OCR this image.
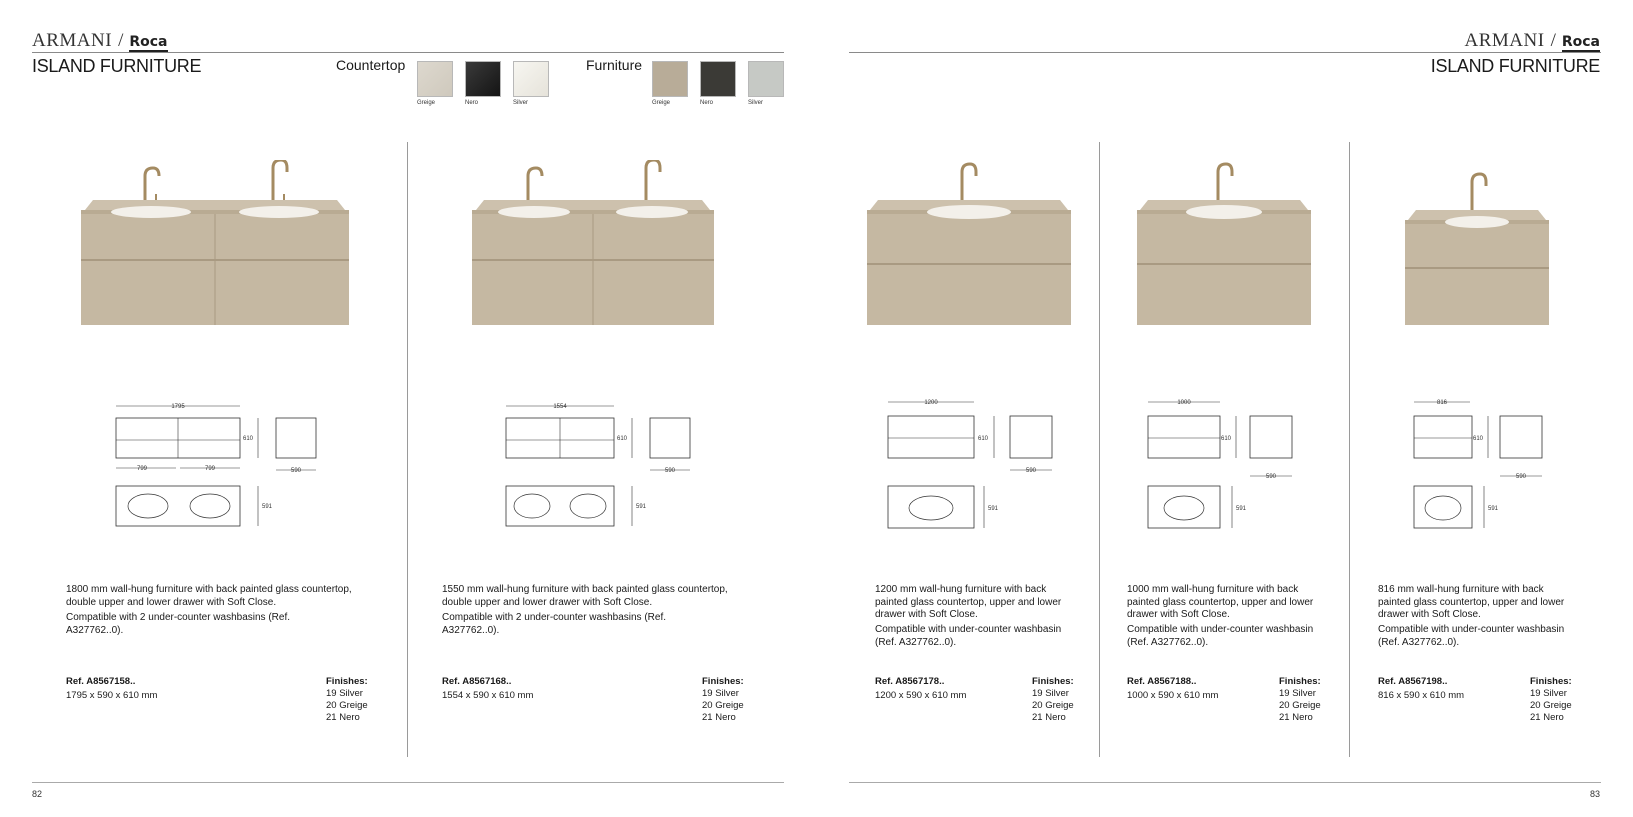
ARMANI / Roca
ISLAND FURNITURE	Countertop
Greige	Nero	Silver
Furniture
Greige	Nero	Silver
ARMANI / Roca
ISLAND FURNITURE
1795
799	799
610
590
591
1800 mm wall-hung furniture with back painted glass countertop, double upper and lower drawer with Soft Close.
Compatible with 2 under-counter washbasins (Ref. A327762..0).
Ref. A8567158..
1795 x 590 x 610 mm
Finishes:
19 Silver
20 Greige
21 Nero
1554
610
590
591
1550 mm wall-hung furniture with back painted glass countertop, double upper and lower drawer with Soft Close.
Compatible with 2 under-counter washbasins (Ref. A327762..0).
Ref. A8567168..
1554 x 590 x 610 mm
Finishes:
19 Silver
20 Greige
21 Nero
1200
610
590
591
1200 mm wall-hung furniture with back painted glass countertop, upper and lower drawer with Soft Close.
Compatible with under-counter washbasin (Ref. A327762..0).
Ref. A8567178..
1200 x 590 x 610 mm
Finishes:
19 Silver
20 Greige
21 Nero
1000
610
590
591
1000 mm wall-hung furniture with back painted glass countertop, upper and lower drawer with Soft Close.
Compatible with under-counter washbasin (Ref. A327762..0).
Ref. A8567188..
1000 x 590 x 610 mm
Finishes:
19 Silver
20 Greige
21 Nero
816
610
590
591
816 mm wall-hung furniture with back painted glass countertop, upper and lower drawer with Soft Close.
Compatible with under-counter washbasin (Ref. A327762..0).
Ref. A8567198..
816 x 590 x 610 mm
Finishes:
19 Silver
20 Greige
21 Nero
82	83
